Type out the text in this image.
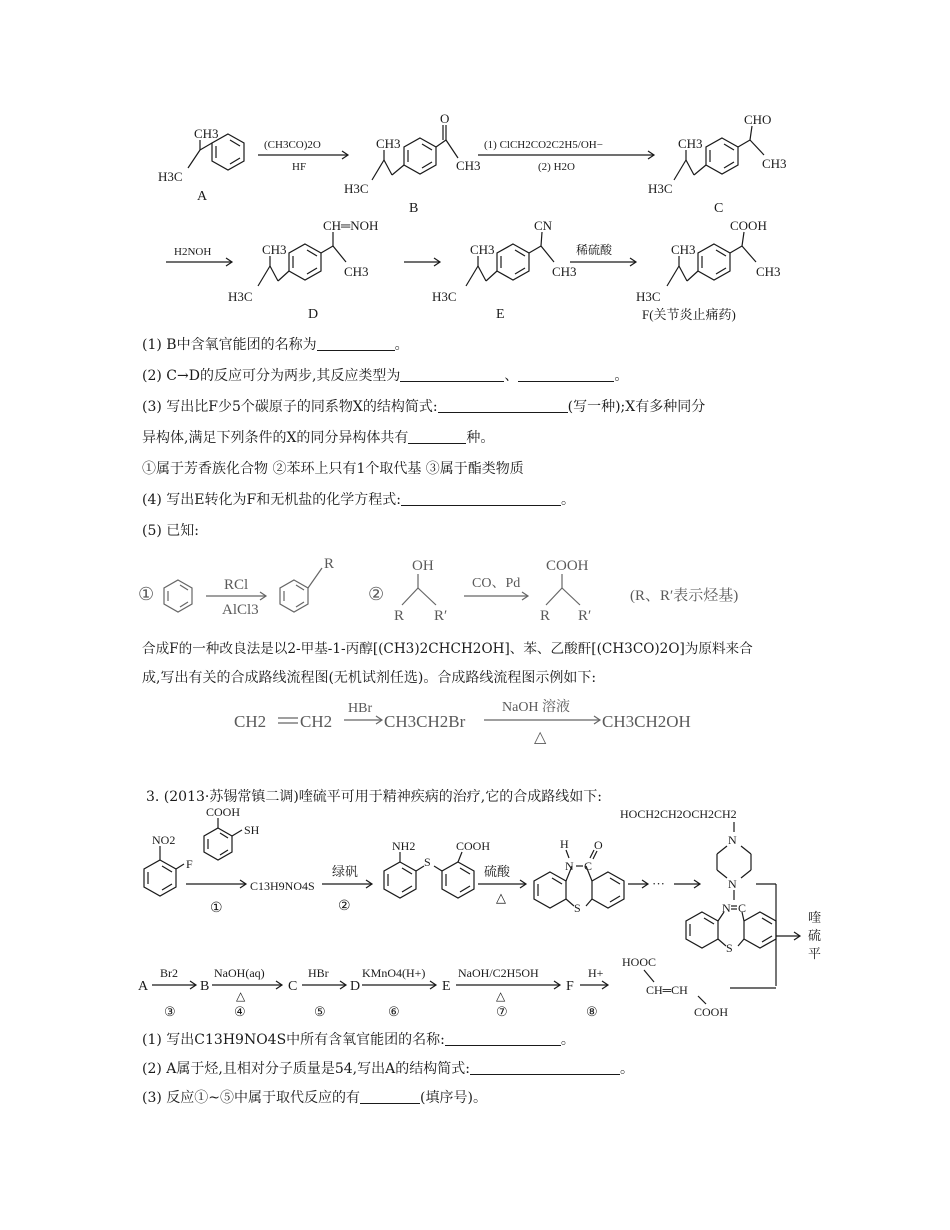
CH3
H3C
A
(CH3CO)2O
HF
O
CH3
CH3
H3C
B
(1) ClCH2CO2C2H5/OH−
(2) H2O
CHO
CH3
CH3
H3C
C
H2NOH
CH═NOH
CH3
CH3
H3C
D
CN
CH3
CH3
H3C
E
稀硫酸
COOH
CH3
CH3
H3C
F(关节炎止痛药)
①	RCl
AlCl3
R
②
OH
R R′
CO、Pd
COOH
R R′
(R、R′表示烃基)
CH2 CH2
HBr
CH3CH2Br
NaOH 溶液
△
CH3CH2OH
NO2
F
COOH
SH
①
C13H9NO4S
绿矾
②
NH2
S
COOH
硫酸
△
N C
S
H O
···
HOCH2CH2OCH2CH2
N
N
N C
S
喹
硫
平
A
Br2
③
B
NaOH(aq)
△
④
C
HBr
⑤
D
KMnO4(H+)
⑥
E
NaOH/C2H5OH
△
⑦
F
H+
⑧
HOOC
CH═CH
COOH
(1) B中含氧官能团的名称为	。
(2) C→D的反应可分为两步,其反应类型为	、	。
(3) 写出比F少5个碳原子的同系物X的结构简式:	(写一种);X有多种同分
异构体,满足下列条件的X的同分异构体共有	种。
①属于芳香族化合物 ②苯环上只有1个取代基 ③属于酯类物质
(4) 写出E转化为F和无机盐的化学方程式:	。
(5) 已知:
合成F的一种改良法是以2-甲基-1-丙醇[(CH3)2CHCH2OH]、苯、乙酸酐[(CH3CO)2O]为原料来合
成,写出有关的合成路线流程图(无机试剂任选)。合成路线流程图示例如下:
3. (2013·苏锡常镇二调)喹硫平可用于精神疾病的治疗,它的合成路线如下:
(1) 写出C13H9NO4S中所有含氧官能团的名称:	。
(2) A属于烃,且相对分子质量是54,写出A的结构简式:	。
(3) 反应①~⑤中属于取代反应的有	(填序号)。
